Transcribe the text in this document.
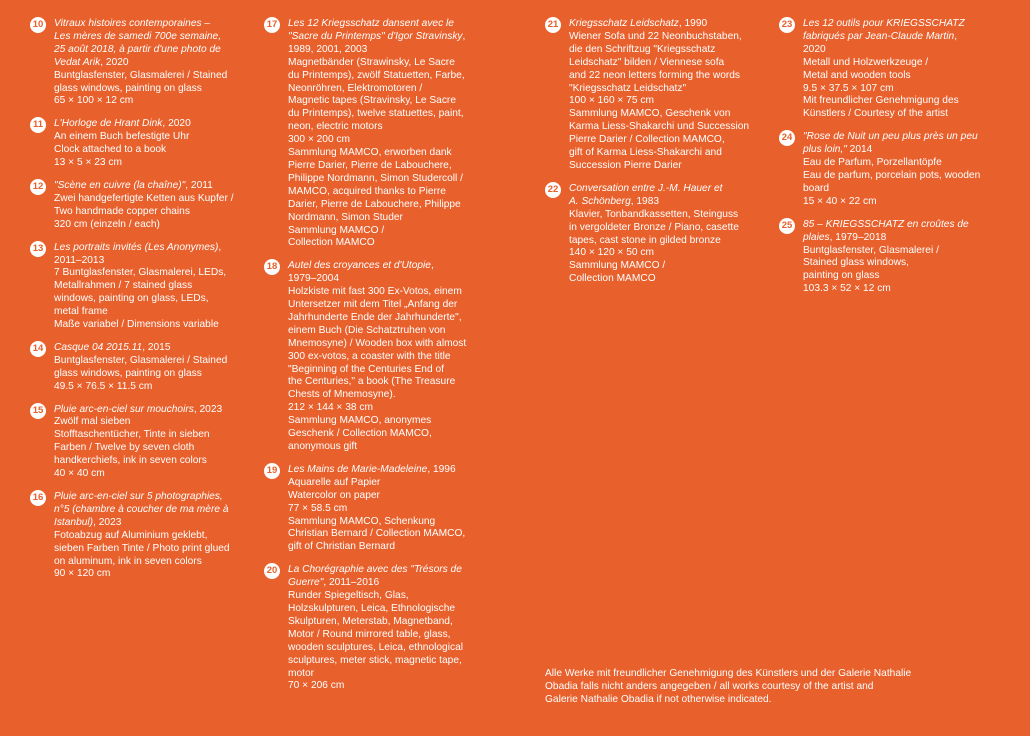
10 Vitraux histoires contemporaines –
Les mères de samedi 700e semaine,
25 août 2018, à partir d'une photo de
Vedat Arik, 2020
Buntglasfenster, Glasmalerei / Stained
glass windows, painting on glass
65 × 100 × 12 cm
11 L'Horloge de Hrant Dink, 2020
An einem Buch befestigte Uhr
Clock attached to a book
13 × 5 × 23 cm
12 "Scène en cuivre (la chaîne)", 2011
Zwei handgefertigte Ketten aus Kupfer /
Two handmade copper chains
320 cm (einzeln / each)
13 Les portraits invités (Les Anonymes),
2011–2013
7 Buntglasfenster, Glasmalerei, LEDs,
Metallrahmen / 7 stained glass
windows, painting on glass, LEDs,
metal frame
Maße variabel / Dimensions variable
14 Casque 04 2015.11, 2015
Buntglasfenster, Glasmalerei / Stained
glass windows, painting on glass
49.5 × 76.5 × 11.5 cm
15 Pluie arc-en-ciel sur mouchoirs, 2023
Zwölf mal sieben
Stofftaschentücher, Tinte in sieben
Farben / Twelve by seven cloth
handkerchiefs, ink in seven colors
40 × 40 cm
16 Pluie arc-en-ciel sur 5 photographies,
n°5 (chambre à coucher de ma mère à
Istanbul), 2023
Fotoabzug auf Aluminium geklebt,
sieben Farben Tinte / Photo print glued
on aluminum, ink in seven colors
90 × 120 cm
17 Les 12 Kriegsschatz dansent avec le
"Sacre du Printemps" d'Igor Stravinsky,
1989, 2001, 2003
Magnetbänder (Strawinsky, Le Sacre
du Printemps), zwölf Statuetten, Farbe,
Neonröhren, Elektromotoren /
Magnetic tapes (Stravinsky, Le Sacre
du Printemps), twelve statuettes, paint,
neon, electric motors
300 × 200 cm
Sammlung MAMCO, erworben dank
Pierre Darier, Pierre de Labouchere,
Philippe Nordmann, Simon Studercoll /
MAMCO, acquired thanks to Pierre
Darier, Pierre de Labouchere, Philippe
Nordmann, Simon Studer
Sammlung MAMCO /
Collection MAMCO
18 Autel des croyances et d'Utopie,
1979–2004
Holzkiste mit fast 300 Ex-Votos, einem
Untersetzer mit dem Titel „Anfang der
Jahrhunderte Ende der Jahrhunderte",
einem Buch (Die Schatztruhen von
Mnemosyne) / Wooden box with almost
300 ex-votos, a coaster with the title
"Beginning of the Centuries End of
the Centuries," a book (The Treasure
Chests of Mnemosyne).
212 × 144 × 38 cm
Sammlung MAMCO, anonymes
Geschenk / Collection MAMCO,
anonymous gift
19 Les Mains de Marie-Madeleine, 1996
Aquarelle auf Papier
Watercolor on paper
77 × 58.5 cm
Sammlung MAMCO, Schenkung
Christian Bernard / Collection MAMCO,
gift of Christian Bernard
20 La Chorégraphie avec des "Trésors de
Guerre", 2011–2016
Runder Spiegeltisch, Glas,
Holzskulpturen, Leica, Ethnologische
Skulpturen, Meterstab, Magnetband,
Motor / Round mirrored table, glass,
wooden sculptures, Leica, ethnological
sculptures, meter stick, magnetic tape,
motor
70 × 206 cm
21 Kriegsschatz Leidschatz, 1990
Wiener Sofa und 22 Neonbuchstaben,
die den Schriftzug "Kriegsschatz
Leidschatz" bilden / Viennese sofa
and 22 neon letters forming the words
"Kriegsschatz Leidschatz"
100 × 160 × 75 cm
Sammlung MAMCO, Geschenk von
Karma Liess-Shakarchi und Succession
Pierre Darier / Collection MAMCO,
gift of Karma Liess-Shakarchi and
Succession Pierre Darier
22 Conversation entre J.-M. Hauer et
A. Schönberg, 1983
Klavier, Tonbandkassetten, Steinguss
in vergoldeter Bronze / Piano, casette
tapes, cast stone in gilded bronze
140 × 120 × 50 cm
Sammlung MAMCO /
Collection MAMCO
23 Les 12 outils pour KRIEGSSCHATZ
fabriqués par Jean-Claude Martin,
2020
Metall und Holzwerkzeuge /
Metal and wooden tools
9.5 × 37.5 × 107 cm
Mit freundlicher Genehmigung des
Künstlers / Courtesy of the artist
24 "Rose de Nuit un peu plus près un peu
plus loin," 2014
Eau de Parfum, Porzellantöpfe
Eau de parfum, porcelain pots, wooden
board
15 × 40 × 22 cm
25 85 – KRIEGSSCHATZ en croûtes de
plaies, 1979–2018
Buntglasfenster, Glasmalerei /
Stained glass windows,
painting on glass
103.3 × 52 × 12 cm
Alle Werke mit freundlicher Genehmigung des Künstlers und der Galerie Nathalie
Obadia falls nicht anders angegeben / all works courtesy of the artist and
Galerie Nathalie Obadia if not otherwise indicated.
